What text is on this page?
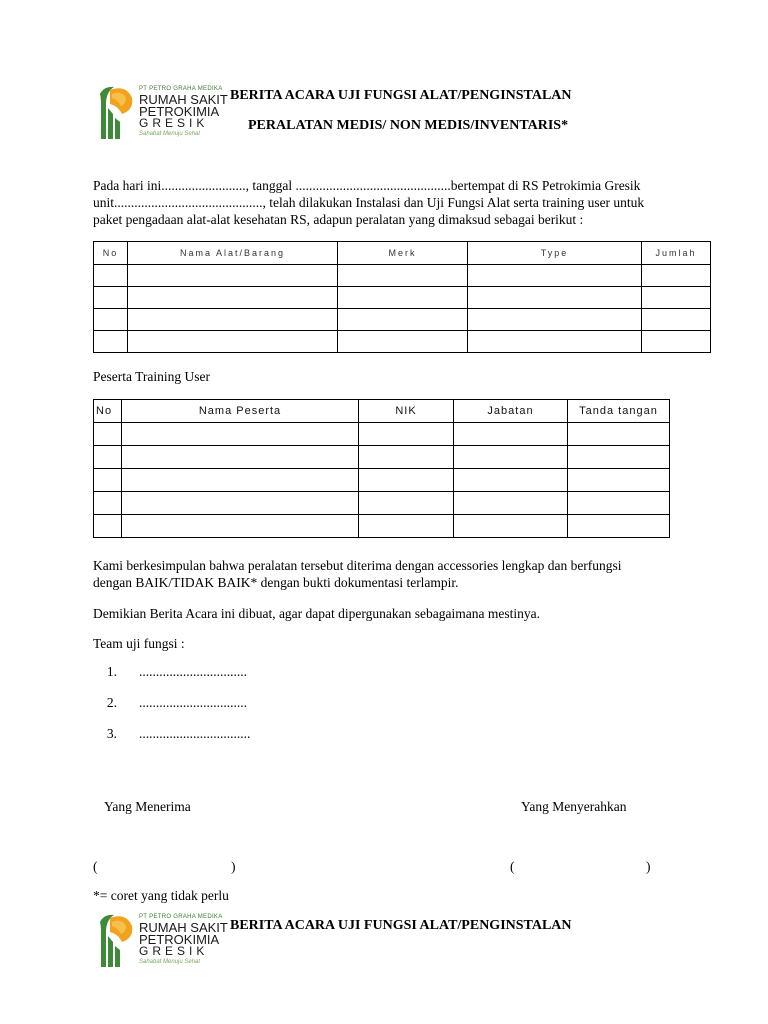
PT PETRO GRAHA MEDIKA
RUMAH SAKIT
PETROKIMIA
GRESIK
Sahabat Menuju Sehat
BERITA ACARA UJI FUNGSI ALAT/PENGINSTALAN
PERALATAN MEDIS/ NON MEDIS/INVENTARIS*
Pada hari ini........................., tanggal ..............................................bertempat di RS Petrokimia Gresik
unit............................................, telah dilakukan Instalasi dan Uji Fungsi Alat serta training user untuk
paket pengadaan alat-alat kesehatan RS, adapun peralatan yang dimaksud sebagai berikut :
No	Nama Alat/Barang	Merk	Type	Jumlah

Peserta Training User
No	Nama Peserta	NIK	Jabatan	Tanda tangan

Kami berkesimpulan bahwa peralatan tersebut diterima dengan accessories lengkap dan berfungsi
dengan BAIK/TIDAK BAIK* dengan bukti dokumentasi terlampir.
Demikian Berita Acara ini dibuat, agar dapat dipergunakan sebagaimana mestinya.
Team uji fungsi :
1. ................................
2. ................................
3. .................................
Yang Menerima	Yang Menyerahkan
(	)	(	)
*= coret yang tidak perlu
PT PETRO GRAHA MEDIKA
RUMAH SAKIT
PETROKIMIA
GRESIK
Sahabat Menuju Sehat
BERITA ACARA UJI FUNGSI ALAT/PENGINSTALAN
